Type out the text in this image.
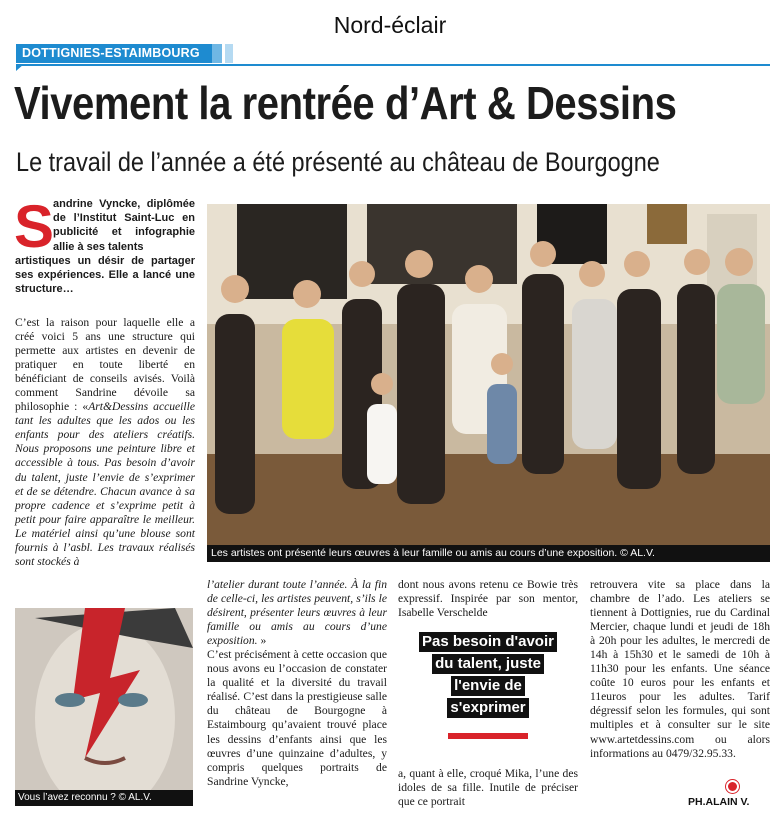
Nord-éclair
DOTTIGNIES-ESTAIMBOURG
Vivement la rentrée d’Art & Dessins
Le travail de l’année a été présenté au château de Bourgogne
S
andrine Vyncke, diplômée de l’Institut Saint-Luc en publicité et infographie allie à ses talents
artistiques un désir de partager ses expériences. Elle a lancé une structure…
C’est la raison pour laquelle elle a créé voici 5 ans une structure qui permette aux artistes en devenir de pratiquer en toute liberté en bénéficiant de conseils avisés. Voilà comment Sandrine dévoile sa philosophie : «Art&Dessins accueille tant les adultes que les ados ou les enfants pour des ateliers créatifs. Nous proposons une peinture libre et accessible à tous. Pas besoin d’avoir du talent, juste l’envie de s’exprimer et de se détendre. Chacun avance à sa propre cadence et s’exprime petit à petit pour faire apparaître le meilleur. Le matériel ainsi qu’une blouse sont fournis à l’asbl. Les travaux réalisés sont stockés à
Les artistes ont présenté leurs œuvres à leur famille ou amis au cours d’une exposition. © AL.V.
Vous l’avez reconnu ? © AL.V.
l’atelier durant toute l’année. À la fin de celle-ci, les artistes peuvent, s’ils le désirent, présenter leurs œuvres à leur famille ou amis au cours d’une exposition. »
C’est précisément à cette occasion que nous avons eu l’occasion de constater la qualité et la diversité du travail réalisé. C’est dans la prestigieuse salle du château de Bourgogne à Estaimbourg qu’avaient trouvé place les dessins d’enfants ainsi que les œuvres d’une quinzaine d’adultes, y compris quelques portraits de Sandrine Vyncke,
dont nous avons retenu ce Bowie très expressif. Inspirée par son mentor, Isabelle Verschelde
Pas besoin d'avoir
du talent, juste
l'envie de
s'exprimer
a, quant à elle, croqué Mika, l’une des idoles de sa fille. Inutile de préciser que ce portrait
retrouvera vite sa place dans la chambre de l’ado. Les ateliers se tiennent à Dottignies, rue du Cardinal Mercier, chaque lundi et jeudi de 18h à 20h pour les adultes, le mercredi de 14h à 15h30 et le samedi de 10h à 11h30 pour les enfants. Une séance coûte 10 euros pour les enfants et 11euros pour les adultes. Tarif dégressif selon les formules, qui sont multiples et à consulter sur le site www.artetdessins.com ou alors informations au 0479/32.95.33.
PH.ALAIN V.
